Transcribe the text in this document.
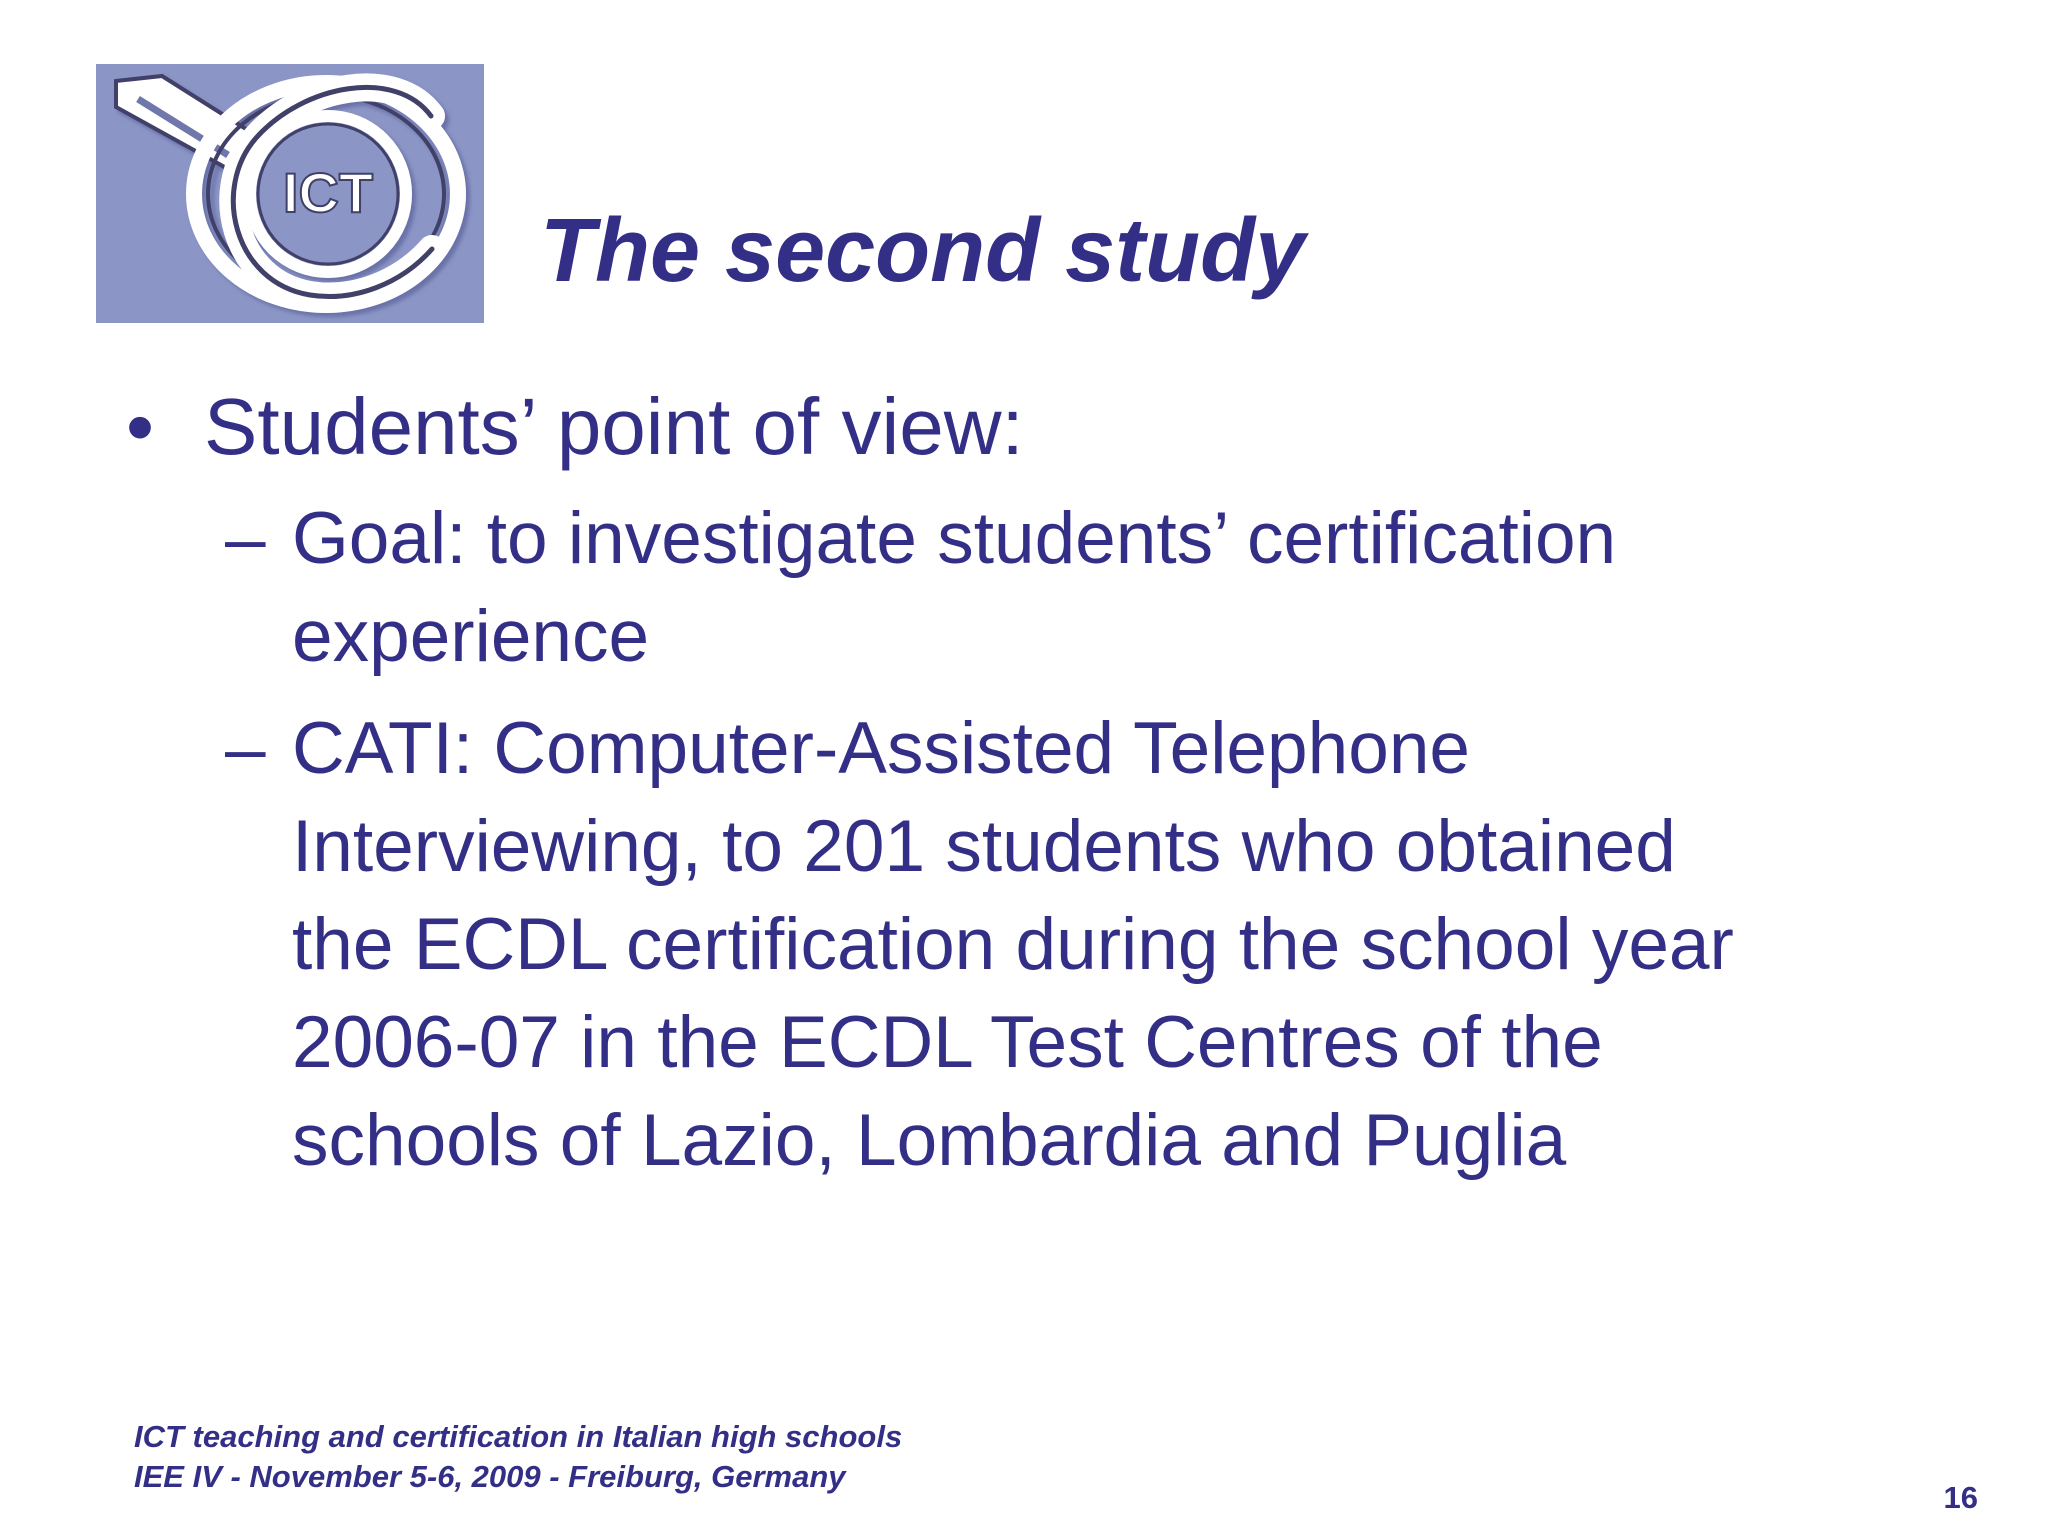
ICT
The second study
• Students’ point of view:
– Goal: to investigate students’ certification
experience
– CATI: Computer-Assisted Telephone
Interviewing, to 201 students who obtained
the ECDL certification during the school year
2006-07 in the ECDL Test Centres of the
schools of Lazio, Lombardia and Puglia
ICT teaching and certification in Italian high schools
IEE IV - November 5-6, 2009 - Freiburg, Germany
16
